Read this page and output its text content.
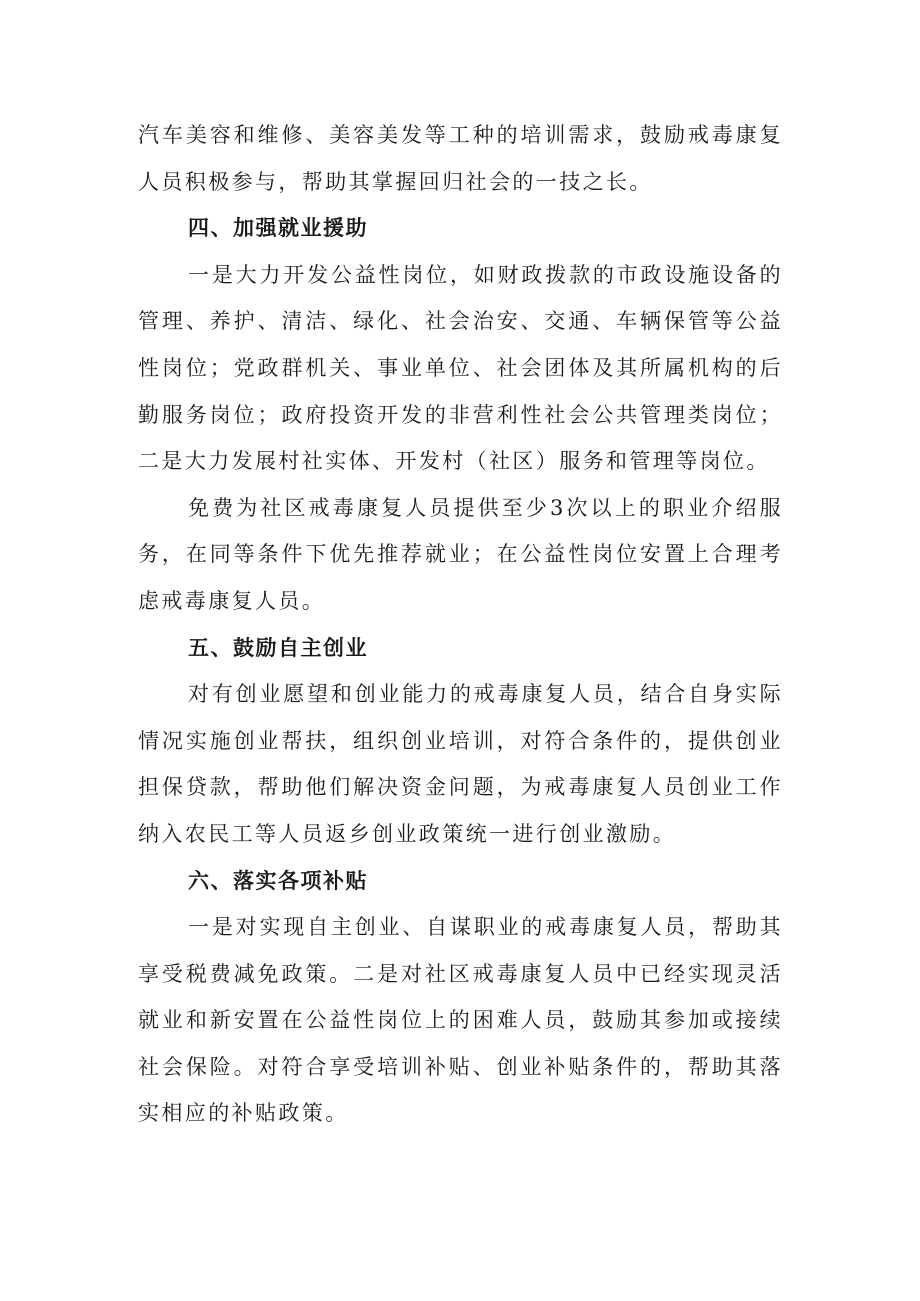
汽车美容和维修、美容美发等工种的培训需求，鼓励戒毒康复人员积极参与，帮助其掌握回归社会的一技之长。

四、加强就业援助

一是大力开发公益性岗位，如财政拨款的市政设施设备的管理、养护、清洁、绿化、社会治安、交通、车辆保管等公益性岗位；党政群机关、事业单位、社会团体及其所属机构的后勤服务岗位；政府投资开发的非营利性社会公共管理类岗位；二是大力发展村社实体、开发村（社区）服务和管理等岗位。

免费为社区戒毒康复人员提供至少3次以上的职业介绍服务，在同等条件下优先推荐就业；在公益性岗位安置上合理考虑戒毒康复人员。

五、鼓励自主创业

对有创业愿望和创业能力的戒毒康复人员，结合自身实际情况实施创业帮扶，组织创业培训，对符合条件的，提供创业担保贷款，帮助他们解决资金问题，为戒毒康复人员创业工作纳入农民工等人员返乡创业政策统一进行创业激励。

六、落实各项补贴

一是对实现自主创业、自谋职业的戒毒康复人员，帮助其享受税费减免政策。二是对社区戒毒康复人员中已经实现灵活就业和新安置在公益性岗位上的困难人员，鼓励其参加或接续社会保险。对符合享受培训补贴、创业补贴条件的，帮助其落实相应的补贴政策。
